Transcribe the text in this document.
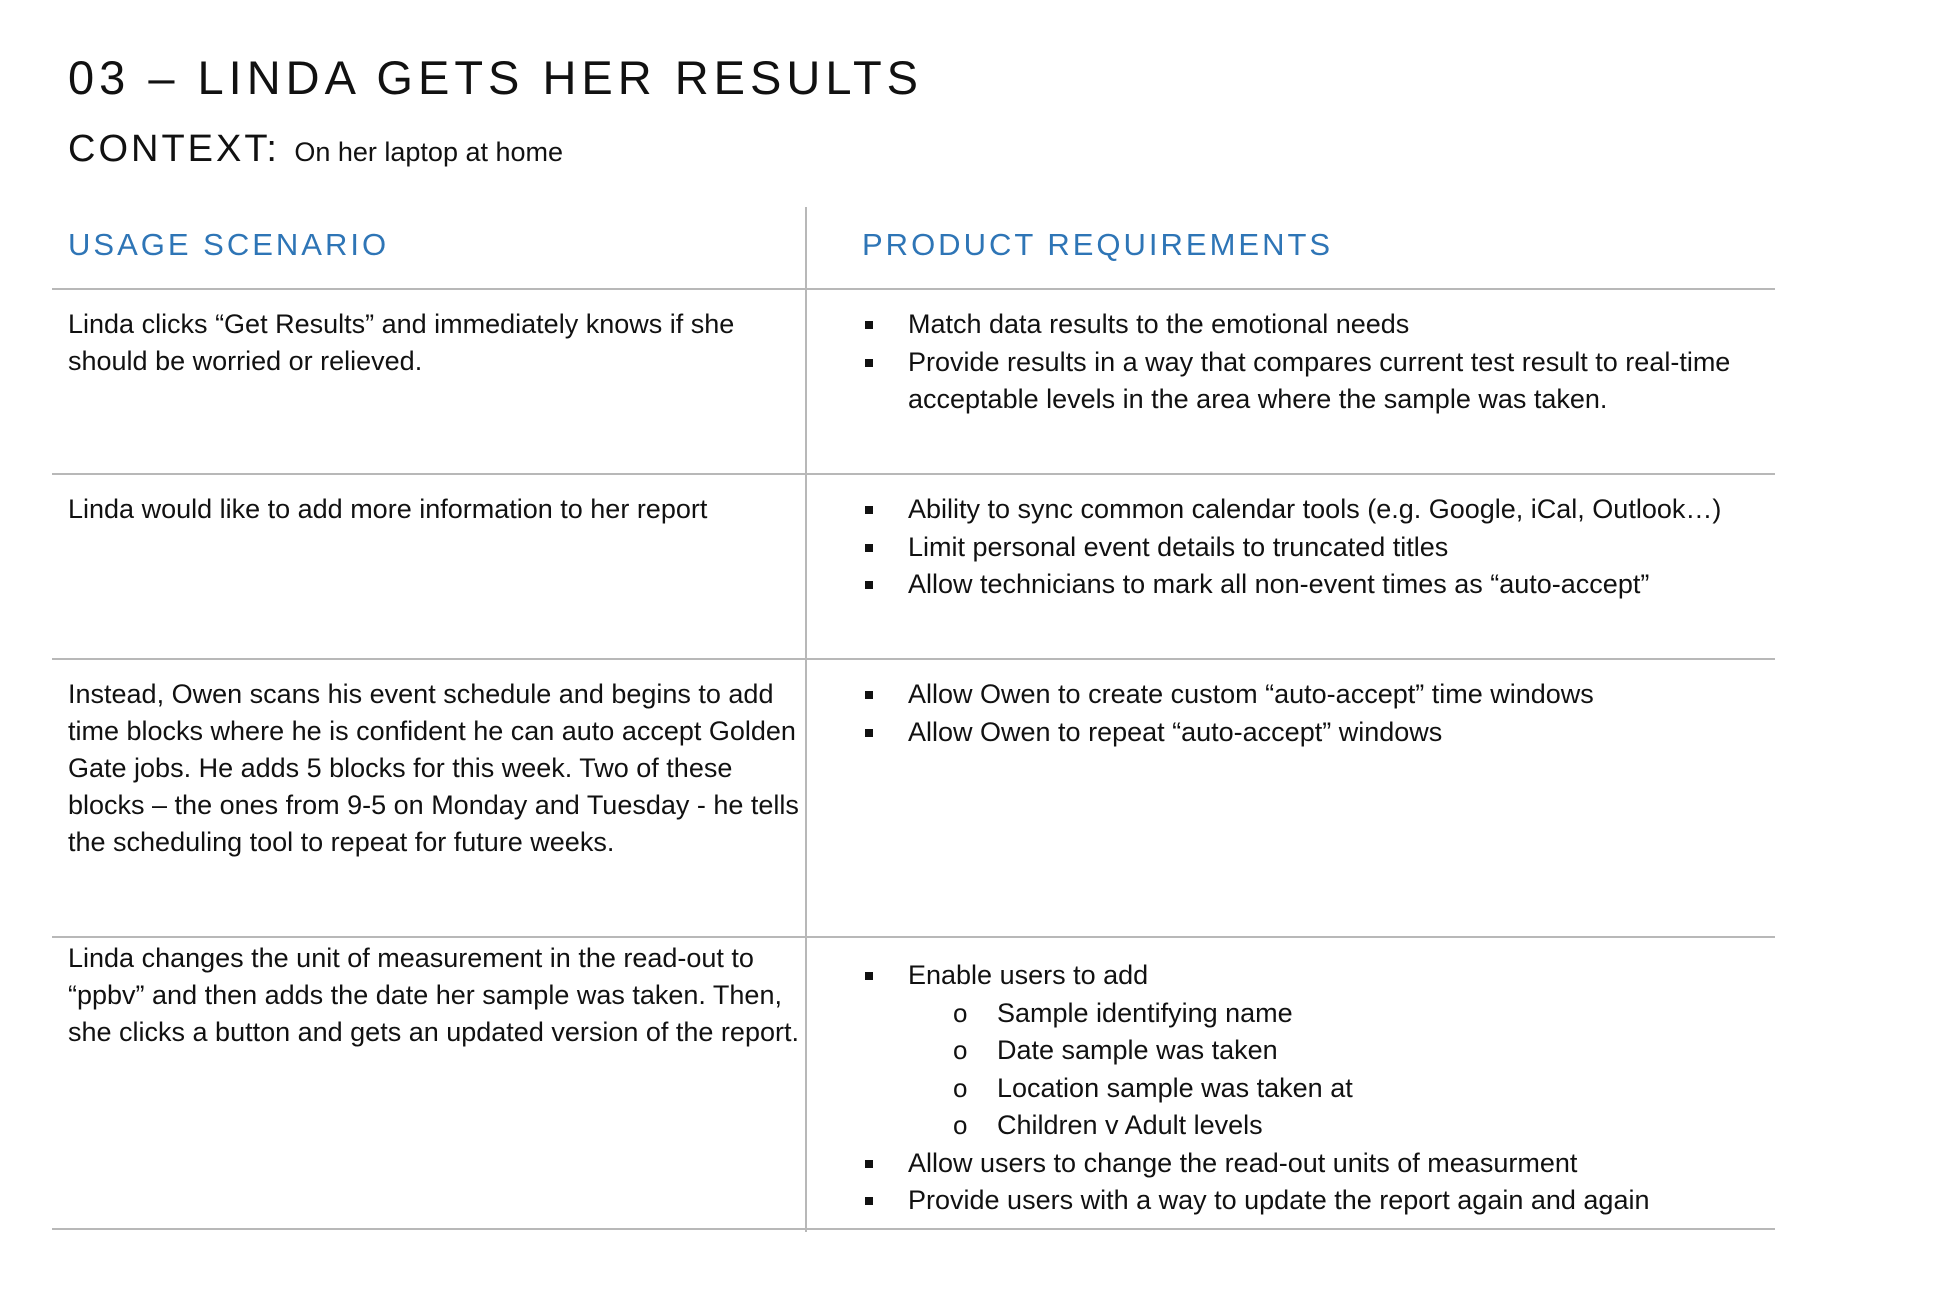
03 – LINDA GETS HER RESULTS
CONTEXT: On her laptop at home
USAGE SCENARIO	PRODUCT REQUIREMENTS
Linda clicks “Get Results” and immediately knows if she should be worried or relieved.
Match data results to the emotional needs
Provide results in a way that compares current test result to real-time acceptable levels in the area where the sample was taken.
Linda would like to add more information to her report	Ability to sync common calendar tools (e.g. Google, iCal, Outlook…)
Limit personal event details to truncated titles
Allow technicians to mark all non-event times as “auto-accept”
Instead, Owen scans his event schedule and begins to add time blocks where he is confident he can auto accept Golden Gate jobs. He adds 5 blocks for this week. Two of these blocks – the ones from 9-5 on Monday and Tuesday - he tells the scheduling tool to repeat for future weeks.
Allow Owen to create custom “auto-accept” time windows
Allow Owen to repeat “auto-accept” windows
Linda changes the unit of measurement in the read-out to “ppbv” and then adds the date her sample was taken. Then, she clicks a button and gets an updated version of the report.
Enable users to add
o Sample identifying name
o Date sample was taken
o Location sample was taken at
o Children v Adult levels
Allow users to change the read-out units of measurment
Provide users with a way to update the report again and again
